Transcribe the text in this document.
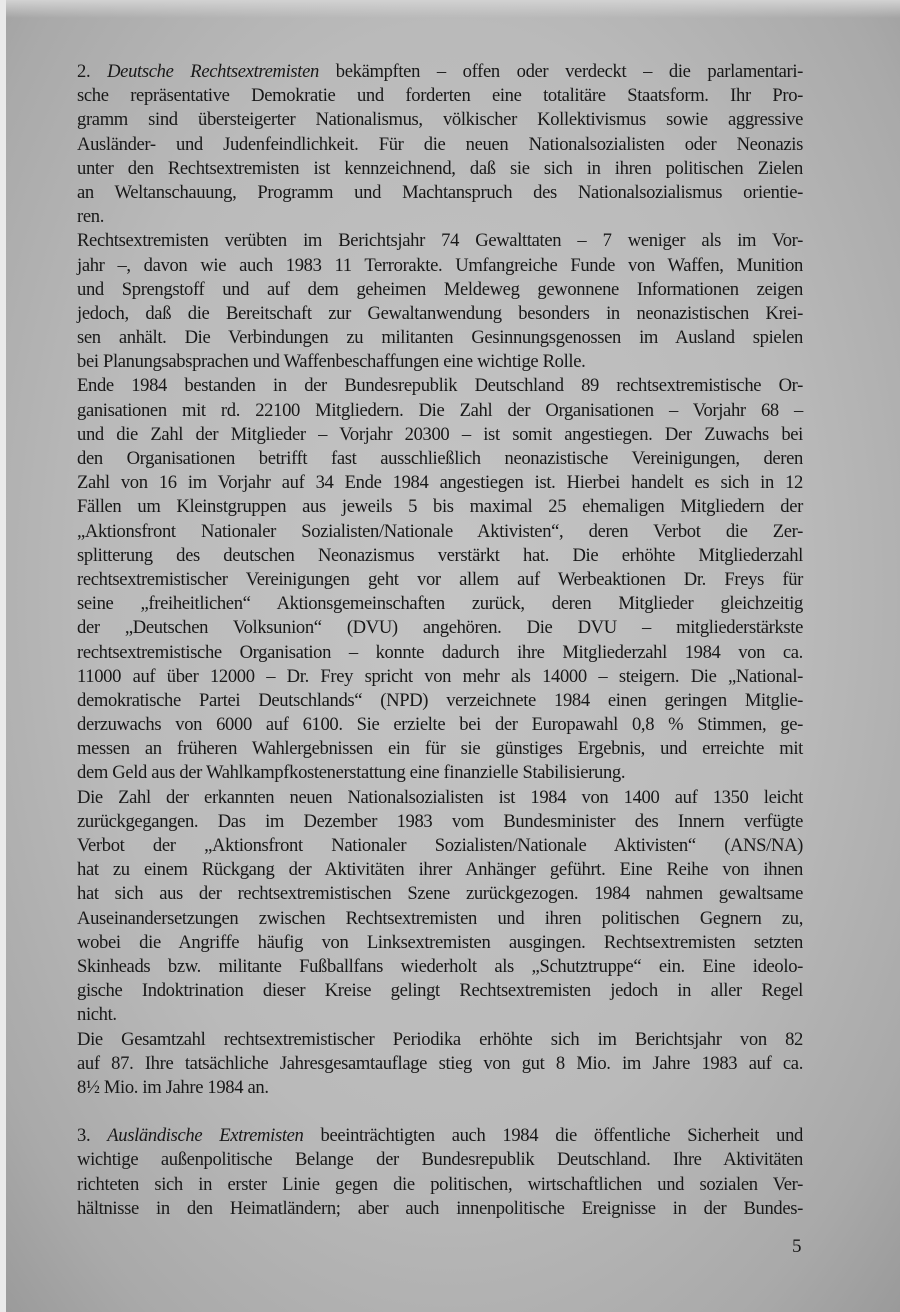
2. Deutsche Rechtsextremisten bekämpften – offen oder verdeckt – die parlamentari-
sche repräsentative Demokratie und forderten eine totalitäre Staatsform. Ihr Pro-
gramm sind übersteigerter Nationalismus, völkischer Kollektivismus sowie aggressive
Ausländer- und Judenfeindlichkeit. Für die neuen Nationalsozialisten oder Neonazis
unter den Rechtsextremisten ist kennzeichnend, daß sie sich in ihren politischen Zielen
an Weltanschauung, Programm und Machtanspruch des Nationalsozialismus orientie-
ren.
Rechtsextremisten verübten im Berichtsjahr 74 Gewalttaten – 7 weniger als im Vor-
jahr –, davon wie auch 1983 11 Terrorakte. Umfangreiche Funde von Waffen, Munition
und Sprengstoff und auf dem geheimen Meldeweg gewonnene Informationen zeigen
jedoch, daß die Bereitschaft zur Gewaltanwendung besonders in neonazistischen Krei-
sen anhält. Die Verbindungen zu militanten Gesinnungsgenossen im Ausland spielen
bei Planungsabsprachen und Waffenbeschaffungen eine wichtige Rolle.
Ende 1984 bestanden in der Bundesrepublik Deutschland 89 rechtsextremistische Or-
ganisationen mit rd. 22100 Mitgliedern. Die Zahl der Organisationen – Vorjahr 68 –
und die Zahl der Mitglieder – Vorjahr 20300 – ist somit angestiegen. Der Zuwachs bei
den Organisationen betrifft fast ausschließlich neonazistische Vereinigungen, deren
Zahl von 16 im Vorjahr auf 34 Ende 1984 angestiegen ist. Hierbei handelt es sich in 12
Fällen um Kleinstgruppen aus jeweils 5 bis maximal 25 ehemaligen Mitgliedern der
„Aktionsfront Nationaler Sozialisten/Nationale Aktivisten“, deren Verbot die Zer-
splitterung des deutschen Neonazismus verstärkt hat. Die erhöhte Mitgliederzahl
rechtsextremistischer Vereinigungen geht vor allem auf Werbeaktionen Dr. Freys für
seine „freiheitlichen“ Aktionsgemeinschaften zurück, deren Mitglieder gleichzeitig
der „Deutschen Volksunion“ (DVU) angehören. Die DVU – mitgliederstärkste
rechtsextremistische Organisation – konnte dadurch ihre Mitgliederzahl 1984 von ca.
11000 auf über 12000 – Dr. Frey spricht von mehr als 14000 – steigern. Die „National-
demokratische Partei Deutschlands“ (NPD) verzeichnete 1984 einen geringen Mitglie-
derzuwachs von 6000 auf 6100. Sie erzielte bei der Europawahl 0,8 % Stimmen, ge-
messen an früheren Wahlergebnissen ein für sie günstiges Ergebnis, und erreichte mit
dem Geld aus der Wahlkampfkostenerstattung eine finanzielle Stabilisierung.
Die Zahl der erkannten neuen Nationalsozialisten ist 1984 von 1400 auf 1350 leicht
zurückgegangen. Das im Dezember 1983 vom Bundesminister des Innern verfügte
Verbot der „Aktionsfront Nationaler Sozialisten/Nationale Aktivisten“ (ANS/NA)
hat zu einem Rückgang der Aktivitäten ihrer Anhänger geführt. Eine Reihe von ihnen
hat sich aus der rechtsextremistischen Szene zurückgezogen. 1984 nahmen gewaltsame
Auseinandersetzungen zwischen Rechtsextremisten und ihren politischen Gegnern zu,
wobei die Angriffe häufig von Linksextremisten ausgingen. Rechtsextremisten setzten
Skinheads bzw. militante Fußballfans wiederholt als „Schutztruppe“ ein. Eine ideolo-
gische Indoktrination dieser Kreise gelingt Rechtsextremisten jedoch in aller Regel
nicht.
Die Gesamtzahl rechtsextremistischer Periodika erhöhte sich im Berichtsjahr von 82
auf 87. Ihre tatsächliche Jahresgesamtauflage stieg von gut 8 Mio. im Jahre 1983 auf ca.
8½ Mio. im Jahre 1984 an.
3. Ausländische Extremisten beeinträchtigten auch 1984 die öffentliche Sicherheit und
wichtige außenpolitische Belange der Bundesrepublik Deutschland. Ihre Aktivitäten
richteten sich in erster Linie gegen die politischen, wirtschaftlichen und sozialen Ver-
hältnisse in den Heimatländern; aber auch innenpolitische Ereignisse in der Bundes-
5
